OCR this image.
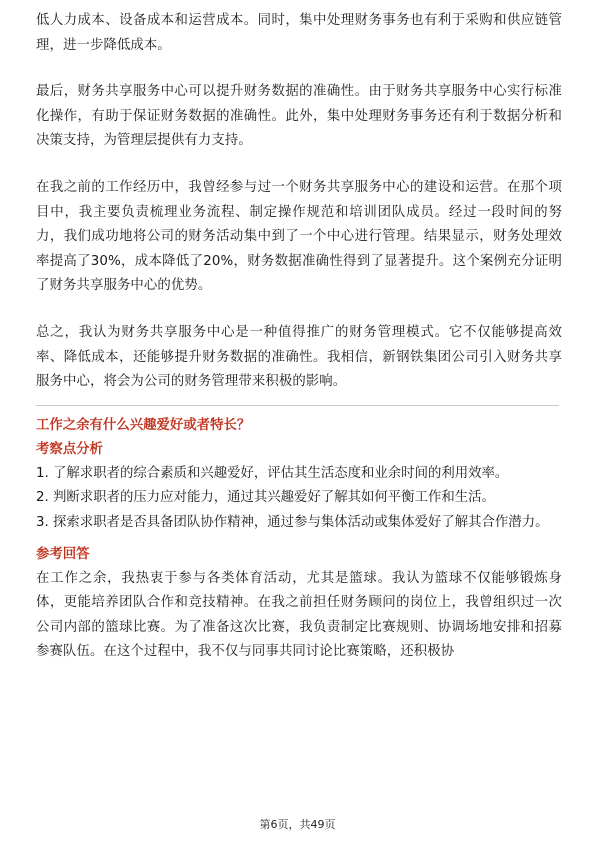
低人力成本、设备成本和运营成本。同时，集中处理财务事务也有利于采购和供应链管理，进一步降低成本。

最后，财务共享服务中心可以提升财务数据的准确性。由于财务共享服务中心实行标准化操作，有助于保证财务数据的准确性。此外，集中处理财务事务还有利于数据分析和决策支持，为管理层提供有力支持。

在我之前的工作经历中，我曾经参与过一个财务共享服务中心的建设和运营。在那个项目中，我主要负责梳理业务流程、制定操作规范和培训团队成员。经过一段时间的努力，我们成功地将公司的财务活动集中到了一个中心进行管理。结果显示，财务处理效率提高了30%，成本降低了20%，财务数据准确性得到了显著提升。这个案例充分证明了财务共享服务中心的优势。

总之，我认为财务共享服务中心是一种值得推广的财务管理模式。它不仅能够提高效率、降低成本，还能够提升财务数据的准确性。我相信，新钢铁集团公司引入财务共享服务中心，将会为公司的财务管理带来积极的影响。

工作之余有什么兴趣爱好或者特长？

考察点分析

1. 了解求职者的综合素质和兴趣爱好，评估其生活态度和业余时间的利用效率。
2. 判断求职者的压力应对能力，通过其兴趣爱好了解其如何平衡工作和生活。
3. 探索求职者是否具备团队协作精神，通过参与集体活动或集体爱好了解其合作潜力。

参考回答

在工作之余，我热衷于参与各类体育活动，尤其是篮球。我认为篮球不仅能够锻炼身体，更能培养团队合作和竞技精神。在我之前担任财务顾问的岗位上，我曾组织过一次公司内部的篮球比赛。为了准备这次比赛，我负责制定比赛规则、协调场地安排和招募参赛队伍。在这个过程中，我不仅与同事共同讨论比赛策略，还积极协

第6页，共49页
